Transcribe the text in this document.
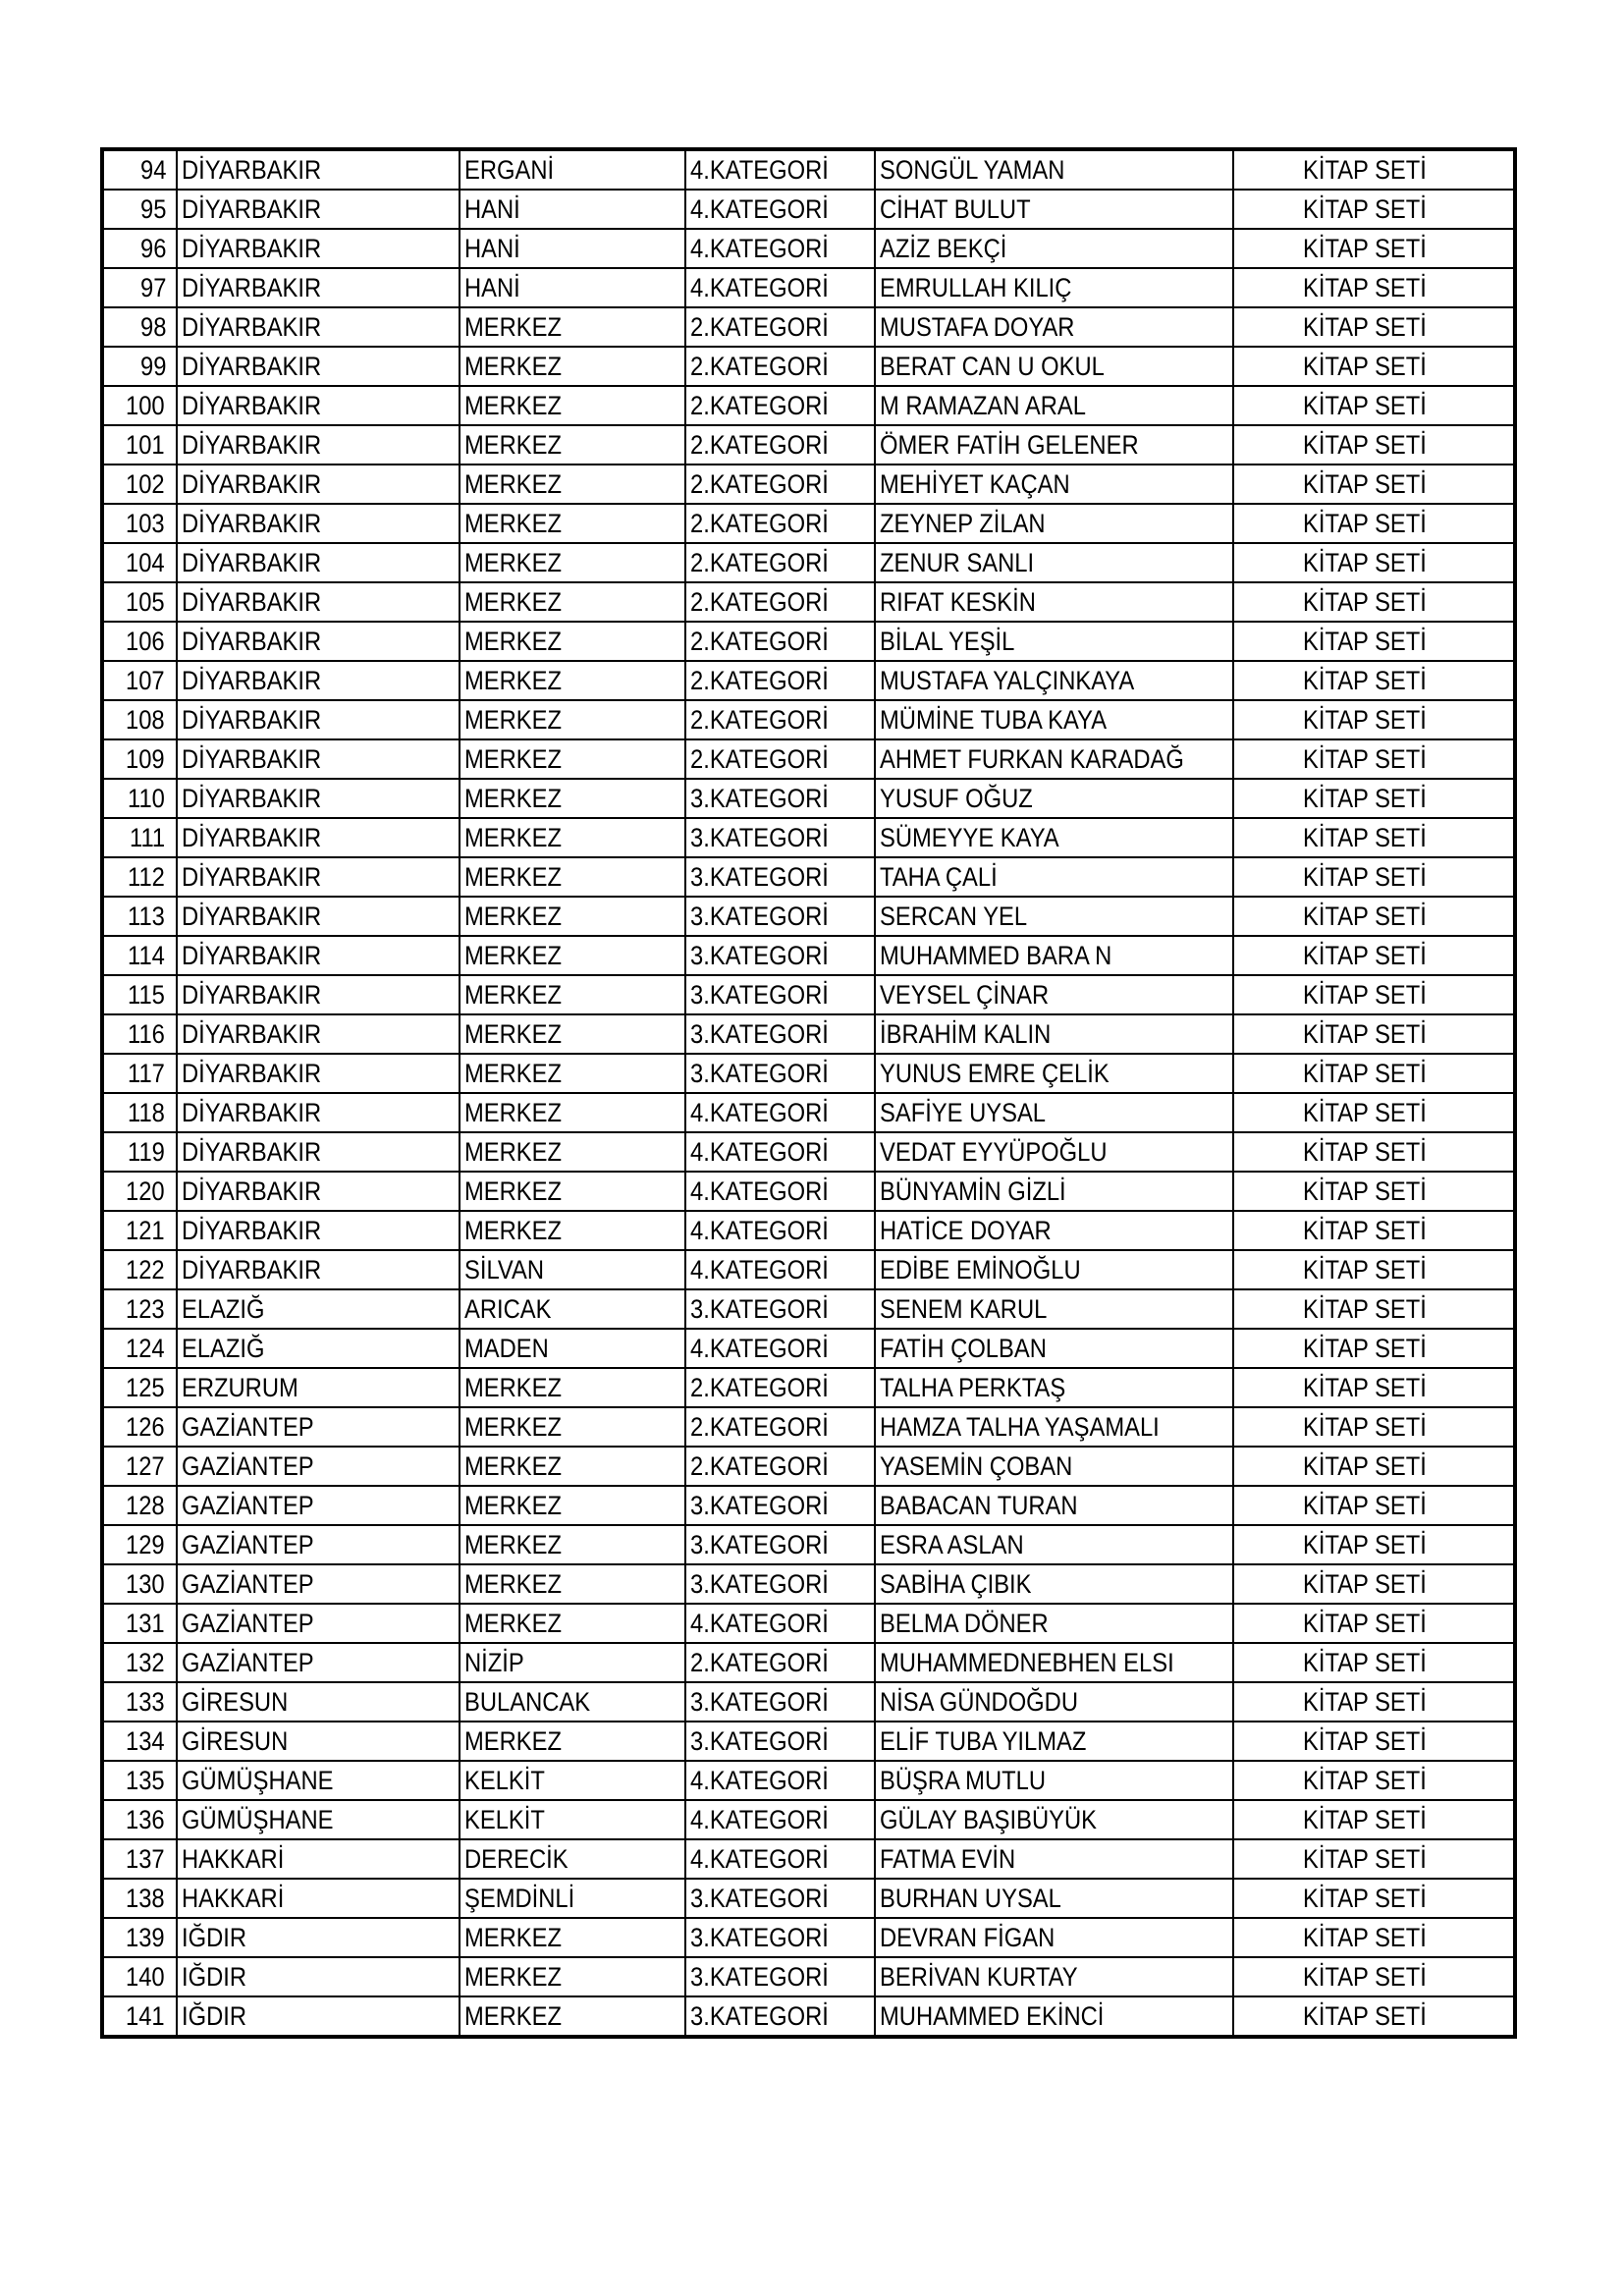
94	DİYARBAKIR	ERGANİ	4.KATEGORİ	SONGÜL YAMAN	KİTAP SETİ
95	DİYARBAKIR	HANİ	4.KATEGORİ	CİHAT BULUT	KİTAP SETİ
96	DİYARBAKIR	HANİ	4.KATEGORİ	AZİZ BEKÇİ	KİTAP SETİ
97	DİYARBAKIR	HANİ	4.KATEGORİ	EMRULLAH KILIÇ	KİTAP SETİ
98	DİYARBAKIR	MERKEZ	2.KATEGORİ	MUSTAFA DOYAR	KİTAP SETİ
99	DİYARBAKIR	MERKEZ	2.KATEGORİ	BERAT CAN U OKUL	KİTAP SETİ
100	DİYARBAKIR	MERKEZ	2.KATEGORİ	M RAMAZAN ARAL	KİTAP SETİ
101	DİYARBAKIR	MERKEZ	2.KATEGORİ	ÖMER FATİH GELENER	KİTAP SETİ
102	DİYARBAKIR	MERKEZ	2.KATEGORİ	MEHİYET KAÇAN	KİTAP SETİ
103	DİYARBAKIR	MERKEZ	2.KATEGORİ	ZEYNEP ZİLAN	KİTAP SETİ
104	DİYARBAKIR	MERKEZ	2.KATEGORİ	ZENUR SANLI	KİTAP SETİ
105	DİYARBAKIR	MERKEZ	2.KATEGORİ	RIFAT KESKİN	KİTAP SETİ
106	DİYARBAKIR	MERKEZ	2.KATEGORİ	BİLAL YEŞİL	KİTAP SETİ
107	DİYARBAKIR	MERKEZ	2.KATEGORİ	MUSTAFA YALÇINKAYA	KİTAP SETİ
108	DİYARBAKIR	MERKEZ	2.KATEGORİ	MÜMİNE TUBA KAYA	KİTAP SETİ
109	DİYARBAKIR	MERKEZ	2.KATEGORİ	AHMET FURKAN KARADAĞ	KİTAP SETİ
110	DİYARBAKIR	MERKEZ	3.KATEGORİ	YUSUF OĞUZ	KİTAP SETİ
111	DİYARBAKIR	MERKEZ	3.KATEGORİ	SÜMEYYE KAYA	KİTAP SETİ
112	DİYARBAKIR	MERKEZ	3.KATEGORİ	TAHA ÇALİ	KİTAP SETİ
113	DİYARBAKIR	MERKEZ	3.KATEGORİ	SERCAN YEL	KİTAP SETİ
114	DİYARBAKIR	MERKEZ	3.KATEGORİ	MUHAMMED BARA N	KİTAP SETİ
115	DİYARBAKIR	MERKEZ	3.KATEGORİ	VEYSEL ÇİNAR	KİTAP SETİ
116	DİYARBAKIR	MERKEZ	3.KATEGORİ	İBRAHİM KALIN	KİTAP SETİ
117	DİYARBAKIR	MERKEZ	3.KATEGORİ	YUNUS EMRE ÇELİK	KİTAP SETİ
118	DİYARBAKIR	MERKEZ	4.KATEGORİ	SAFİYE UYSAL	KİTAP SETİ
119	DİYARBAKIR	MERKEZ	4.KATEGORİ	VEDAT EYYÜPOĞLU	KİTAP SETİ
120	DİYARBAKIR	MERKEZ	4.KATEGORİ	BÜNYAMİN GİZLİ	KİTAP SETİ
121	DİYARBAKIR	MERKEZ	4.KATEGORİ	HATİCE DOYAR	KİTAP SETİ
122	DİYARBAKIR	SİLVAN	4.KATEGORİ	EDİBE EMİNOĞLU	KİTAP SETİ
123	ELAZIĞ	ARICAK	3.KATEGORİ	SENEM KARUL	KİTAP SETİ
124	ELAZIĞ	MADEN	4.KATEGORİ	FATİH ÇOLBAN	KİTAP SETİ
125	ERZURUM	MERKEZ	2.KATEGORİ	TALHA PERKTAŞ	KİTAP SETİ
126	GAZİANTEP	MERKEZ	2.KATEGORİ	HAMZA TALHA YAŞAMALI	KİTAP SETİ
127	GAZİANTEP	MERKEZ	2.KATEGORİ	YASEMİN ÇOBAN	KİTAP SETİ
128	GAZİANTEP	MERKEZ	3.KATEGORİ	BABACAN TURAN	KİTAP SETİ
129	GAZİANTEP	MERKEZ	3.KATEGORİ	ESRA ASLAN	KİTAP SETİ
130	GAZİANTEP	MERKEZ	3.KATEGORİ	SABİHA ÇIBIK	KİTAP SETİ
131	GAZİANTEP	MERKEZ	4.KATEGORİ	BELMA DÖNER	KİTAP SETİ
132	GAZİANTEP	NİZİP	2.KATEGORİ	MUHAMMEDNEBHEN ELSI	KİTAP SETİ
133	GİRESUN	BULANCAK	3.KATEGORİ	NİSA GÜNDOĞDU	KİTAP SETİ
134	GİRESUN	MERKEZ	3.KATEGORİ	ELİF TUBA YILMAZ	KİTAP SETİ
135	GÜMÜŞHANE	KELKİT	4.KATEGORİ	BÜŞRA MUTLU	KİTAP SETİ
136	GÜMÜŞHANE	KELKİT	4.KATEGORİ	GÜLAY BAŞIBÜYÜK	KİTAP SETİ
137	HAKKARİ	DERECİK	4.KATEGORİ	FATMA EVİN	KİTAP SETİ
138	HAKKARİ	ŞEMDİNLİ	3.KATEGORİ	BURHAN UYSAL	KİTAP SETİ
139	IĞDIR	MERKEZ	3.KATEGORİ	DEVRAN FİGAN	KİTAP SETİ
140	IĞDIR	MERKEZ	3.KATEGORİ	BERİVAN KURTAY	KİTAP SETİ
141	IĞDIR	MERKEZ	3.KATEGORİ	MUHAMMED EKİNCİ	KİTAP SETİ
